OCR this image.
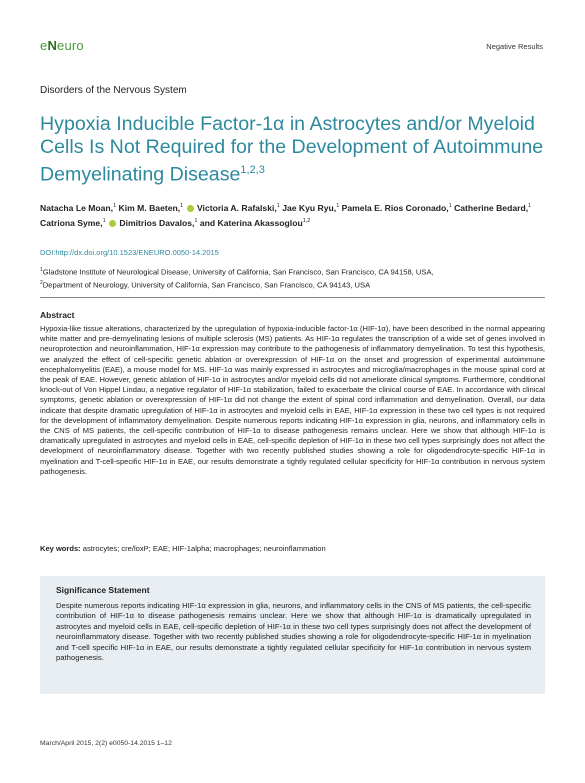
eNeuro	Negative Results
Disorders of the Nervous System
Hypoxia Inducible Factor-1α in Astrocytes and/or Myeloid Cells Is Not Required for the Development of Autoimmune Demyelinating Disease$^{1,2,3}$
Natacha Le Moan,$^1$ Kim M. Baeten,$^1$ Victoria A. Rafalski,$^1$ Jae Kyu Ryu,$^1$ Pamela E. Rios Coronado,$^1$ Catherine Bedard,$^1$ Catriona Syme,$^1$ Dimitrios Davalos,$^1$ and Katerina Akassoglou$^{1,2}$
DOI:http://dx.doi.org/10.1523/ENEURO.0050-14.2015
$^1$Gladstone Institute of Neurological Disease, University of California, San Francisco, San Francisco, CA 94158, USA,
$^2$Department of Neurology, University of California, San Francisco, San Francisco, CA 94143, USA
Abstract
Hypoxia-like tissue alterations, characterized by the upregulation of hypoxia-inducible factor-1α (HIF-1α), have been described in the normal appearing white matter and pre-demyelinating lesions of multiple sclerosis (MS) patients. As HIF-1α regulates the transcription of a wide set of genes involved in neuroprotection and neuroinflammation, HIF-1α expression may contribute to the pathogenesis of inflammatory demyelination. To test this hypothesis, we analyzed the effect of cell-specific genetic ablation or overexpression of HIF-1α on the onset and progression of experimental autoimmune encephalomyelitis (EAE), a mouse model for MS. HIF-1α was mainly expressed in astrocytes and microglia/macrophages in the mouse spinal cord at the peak of EAE. However, genetic ablation of HIF-1α in astrocytes and/or myeloid cells did not ameliorate clinical symptoms. Furthermore, conditional knock-out of Von Hippel Lindau, a negative regulator of HIF-1α stabilization, failed to exacerbate the clinical course of EAE. In accordance with clinical symptoms, genetic ablation or overexpression of HIF-1α did not change the extent of spinal cord inflammation and demyelination. Overall, our data indicate that despite dramatic upregulation of HIF-1α in astrocytes and myeloid cells in EAE, HIF-1α expression in these two cell types is not required for the development of inflammatory demyelination. Despite numerous reports indicating HIF-1α expression in glia, neurons, and inflammatory cells in the CNS of MS patients, the cell-specific contribution of HIF-1α to disease pathogenesis remains unclear. Here we show that although HIF-1α is dramatically upregulated in astrocytes and myeloid cells in EAE, cell-specific depletion of HIF-1α in these two cell types surprisingly does not affect the development of neuroinflammatory disease. Together with two recently published studies showing a role for oligodendrocyte-specific HIF-1α in myelination and T-cell-specific HIF-1α in EAE, our results demonstrate a tightly regulated cellular specificity for HIF-1α contribution in nervous system pathogenesis.
Key words: astrocytes; cre/loxP; EAE; HIF-1alpha; macrophages; neuroinflammation
Significance Statement
Despite numerous reports indicating HIF-1α expression in glia, neurons, and inflammatory cells in the CNS of MS patients, the cell-specific contribution of HIF-1α to disease pathogenesis remains unclear. Here we show that although HIF-1α is dramatically upregulated in astrocytes and myeloid cells in EAE, cell-specific depletion of HIF-1α in these two cell types surprisingly does not affect the development of neuroinflammatory disease. Together with two recently published studies showing a role for oligodendrocyte-specific HIF-1α in myelination and T-cell specific HIF-1α in EAE, our results demonstrate a tightly regulated cellular specificity for HIF-1α contribution in nervous system pathogenesis.
March/April 2015, 2(2) e0050-14.2015 1–12
